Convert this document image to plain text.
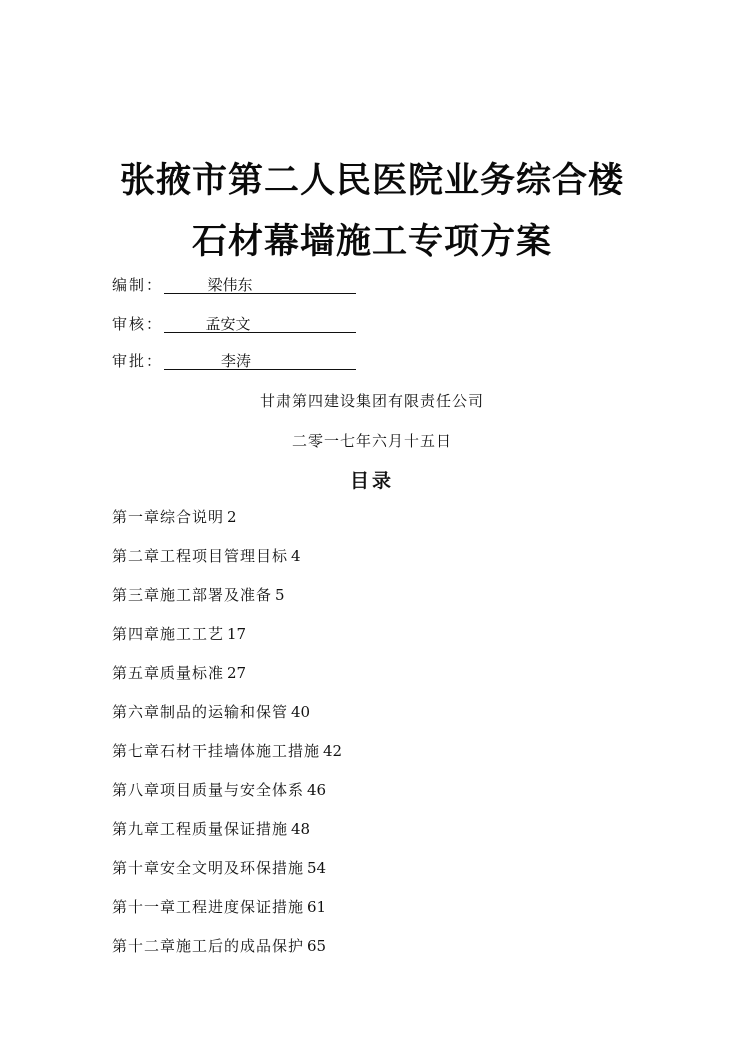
张掖市第二人民医院业务综合楼
石材幕墙施工专项方案
编制：	梁伟东
审核：	孟安文
审批：	李涛
甘肃第四建设集团有限责任公司
二零一七年六月十五日
目录
第一章综合说明 2
第二章工程项目管理目标 4
第三章施工部署及准备 5
第四章施工工艺 17
第五章质量标准 27
第六章制品的运输和保管 40
第七章石材干挂墙体施工措施 42
第八章项目质量与安全体系 46
第九章工程质量保证措施 48
第十章安全文明及环保措施 54
第十一章工程进度保证措施 61
第十二章施工后的成品保护 65
